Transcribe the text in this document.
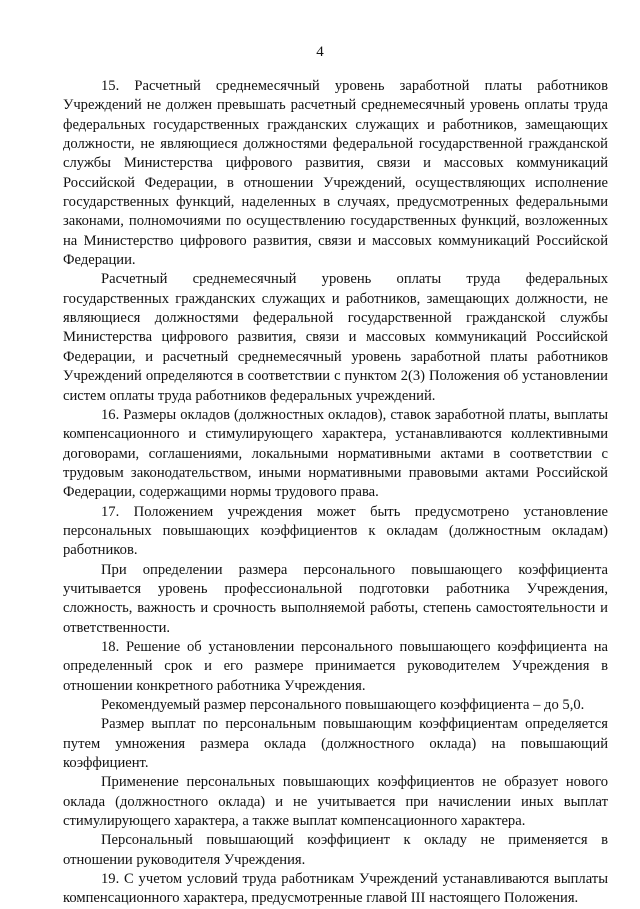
4

15. Расчетный среднемесячный уровень заработной платы работников Учреждений не должен превышать расчетный среднемесячный уровень оплаты труда федеральных государственных гражданских служащих и работников, замещающих должности, не являющиеся должностями федеральной государственной гражданской службы Министерства цифрового развития, связи и массовых коммуникаций Российской Федерации, в отношении Учреждений, осуществляющих исполнение государственных функций, наделенных в случаях, предусмотренных федеральными законами, полномочиями по осуществлению государственных функций, возложенных на Министерство цифрового развития, связи и массовых коммуникаций Российской Федерации.

Расчетный среднемесячный уровень оплаты труда федеральных государственных гражданских служащих и работников, замещающих должности, не являющиеся должностями федеральной государственной гражданской службы Министерства цифрового развития, связи и массовых коммуникаций Российской Федерации, и расчетный среднемесячный уровень заработной платы работников Учреждений определяются в соответствии с пунктом 2(3) Положения об установлении систем оплаты труда работников федеральных учреждений.

16. Размеры окладов (должностных окладов), ставок заработной платы, выплаты компенсационного и стимулирующего характера, устанавливаются коллективными договорами, соглашениями, локальными нормативными актами в соответствии с трудовым законодательством, иными нормативными правовыми актами Российской Федерации, содержащими нормы трудового права.

17. Положением учреждения может быть предусмотрено установление персональных повышающих коэффициентов к окладам (должностным окладам) работников.

При определении размера персонального повышающего коэффициента учитывается уровень профессиональной подготовки работника Учреждения, сложность, важность и срочность выполняемой работы, степень самостоятельности и ответственности.

18. Решение об установлении персонального повышающего коэффициента на определенный срок и его размере принимается руководителем Учреждения в отношении конкретного работника Учреждения.

Рекомендуемый размер персонального повышающего коэффициента – до 5,0.

Размер выплат по персональным повышающим коэффициентам определяется путем умножения размера оклада (должностного оклада) на повышающий коэффициент.

Применение персональных повышающих коэффициентов не образует нового оклада (должностного оклада) и не учитывается при начислении иных выплат стимулирующего характера, а также выплат компенсационного характера.

Персональный повышающий коэффициент к окладу не применяется в отношении руководителя Учреждения.

19. С учетом условий труда работникам Учреждений устанавливаются выплаты компенсационного характера, предусмотренные главой III настоящего Положения.
